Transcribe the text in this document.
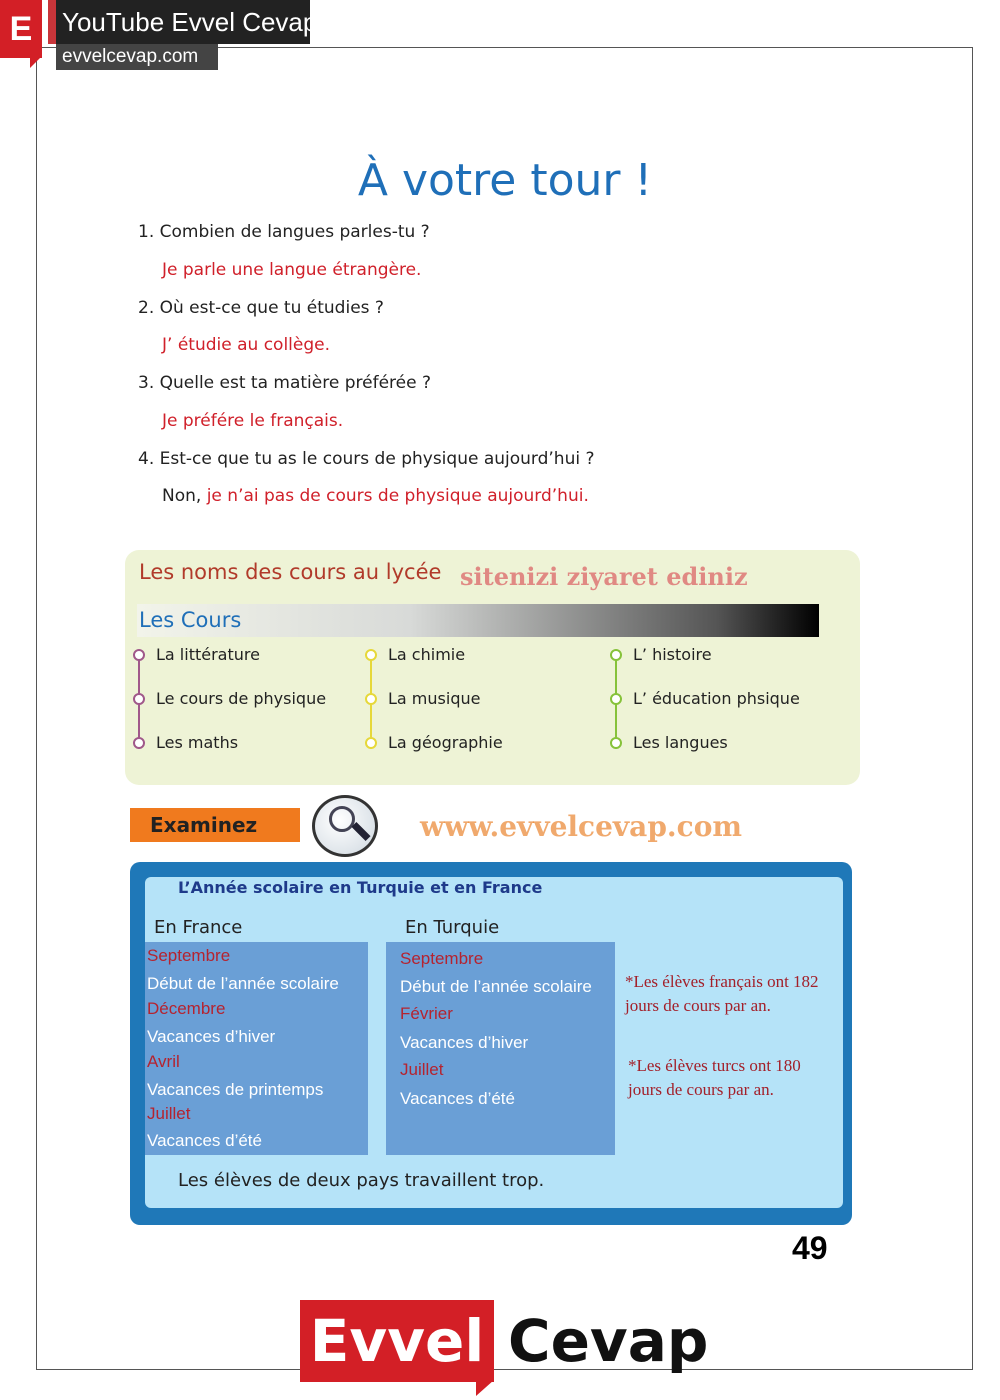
E	YouTube Evvel Cevap
evvelcevap.com
À votre tour !
1. Combien de langues parles-tu ?
Je parle une langue étrangère.
2. Où est-ce que tu étudies ?
J’ étudie au collège.
3. Quelle est ta matière préférée ?
Je préfére le français.
4. Est-ce que tu as le cours de physique aujourd’hui ?
Non, je n’ai pas de cours de physique aujourd’hui.
Les noms des cours au lycée
Les Cours
La littérature
Le cours de physique
Les maths
La chimie
La musique
La géographie
L’ histoire
L’ éducation phsique
Les langues
Examinez
L’Année scolaire en Turquie et en France
En France	En Turquie
Septembre
Début de l’année scolaire
Décembre
Vacances d’hiver
Avril
Vacances de printemps
Juillet
Vacances d’été
Septembre
Début de l’année scolaire
Février
Vacances d’hiver
Juillet
Vacances d’été
*Les élèves français ont 182
jours de cours par an.
*Les élèves turcs ont 180
jours de cours par an.
Les élèves de deux pays travaillent trop.
49
Evvel Cevap
www.evvelcevap.com
sitenizi ziyaret ediniz
